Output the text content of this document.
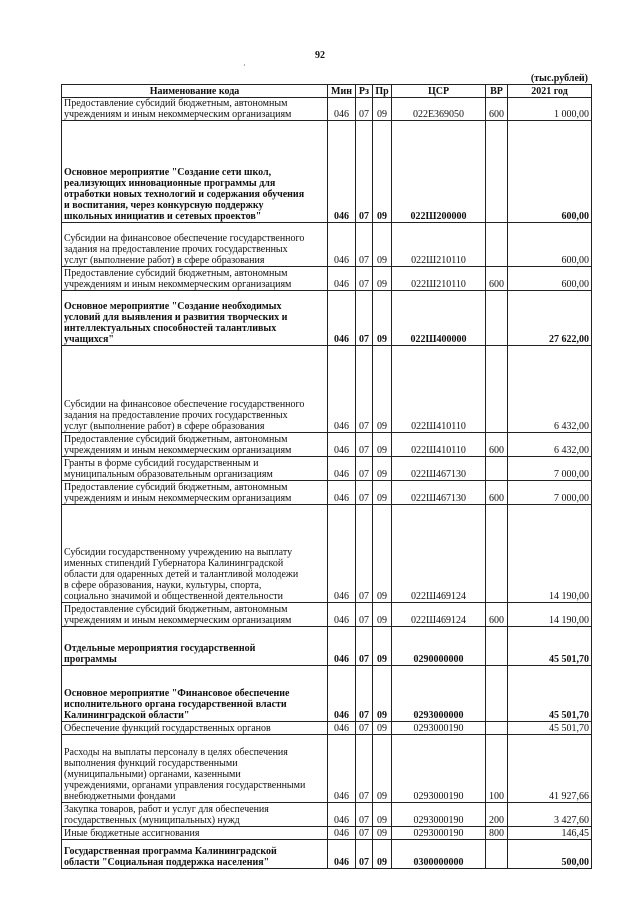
92
·
(тыс.рублей)
Наименование кода	Мин	Рз	Пр	ЦСР	ВР	2021 год

Предоставление субсидий бюджетным, автономным
учреждениям и иным некоммерческим организациям	046	07	09	022E369050	600	1 000,00

Основное мероприятие "Создание сети школ,
реализующих инновационные программы для
отработки новых технологий и содержания обучения
и воспитания, через конкурсную поддержку
школьных инициатив и сетевых проектов"	046	07	09	022Ш200000		600,00

Субсидии на финансовое обеспечение государственного
задания на предоставление прочих государственных
услуг (выполнение работ) в сфере образования	046	07	09	022Ш210110		600,00

Предоставление субсидий бюджетным, автономным
учреждениям и иным некоммерческим организациям	046	07	09	022Ш210110	600	600,00

Основное мероприятие "Создание необходимых
условий для выявления и развития творческих и
интеллектуальных способностей талантливых
учащихся"	046	07	09	022Ш400000		27 622,00

Субсидии на финансовое обеспечение государственного
задания на предоставление прочих государственных
услуг (выполнение работ) в сфере образования	046	07	09	022Ш410110		6 432,00

Предоставление субсидий бюджетным, автономным
учреждениям и иным некоммерческим организациям	046	07	09	022Ш410110	600	6 432,00

Гранты в форме субсидий государственным и
муниципальным образовательным организациям	046	07	09	022Ш467130		7 000,00

Предоставление субсидий бюджетным, автономным
учреждениям и иным некоммерческим организациям	046	07	09	022Ш467130	600	7 000,00

Субсидии государственному учреждению на выплату
именных стипендий Губернатора Калининградской
области для одаренных детей и талантливой молодежи
в сфере образования, науки, культуры, спорта,
социально значимой и общественной деятельности	046	07	09	022Ш469124		14 190,00

Предоставление субсидий бюджетным, автономным
учреждениям и иным некоммерческим организациям	046	07	09	022Ш469124	600	14 190,00

Отдельные мероприятия государственной
программы	046	07	09	0290000000		45 501,70

Основное мероприятие "Финансовое обеспечение
исполнительного органа государственной власти
Калининградской области"	046	07	09	0293000000		45 501,70

Обеспечение функций государственных органов	046	07	09	0293000190		45 501,70

Расходы на выплаты персоналу в целях обеспечения
выполнения функций государственными
(муниципальными) органами, казенными
учреждениями, органами управления государственными
внебюджетными фондами	046	07	09	0293000190	100	41 927,66

Закупка товаров, работ и услуг для обеспечения
государственных (муниципальных) нужд	046	07	09	0293000190	200	3 427,60

Иные бюджетные ассигнования	046	07	09	0293000190	800	146,45

Государственная программа Калининградской
области "Социальная поддержка населения"	046	07	09	0300000000		500,00
